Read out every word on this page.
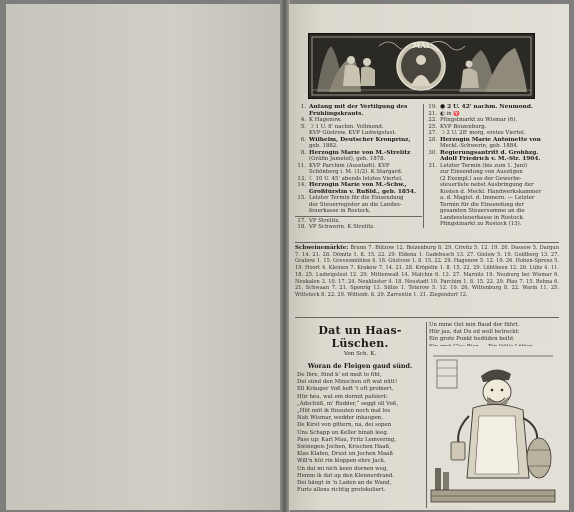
MAI
1. Anfang mit der Vertilgung des
Frühlingskrauts.
4. K Hagenow.
5. ☽ 1 U. 8' nachm. Vollmond.
KVP Güstrow. KVP Ludwigslust.
6. Wilhelm, Deutscher Kronprinz,
geb. 1882.
8. Herzogin Marie von M.-Strelitz
(Gräfin Jametel), geb. 1878.
11. KVP Parchim (Ausstadt). KVP
Schönberg i. M. (1/2). K Stargard.
13. ☾ 10 U. 45' abends letztes Viertel.
14. Herzogin Marie von M.-Schw.,
Großfürstin v. Rußld., geb. 1854.
15. Letzter Termin für die Einsendung
der Steuerregister an die Landes-
feuerkasse in Rostock.
17. VP Strelitz.
18. VP Schwerin. K Strelitz.
19. ● 2 U. 42' nachm. Neumond.
21. ◐ in ♈
22. Pfingstmarkt zu Wismar (6).
25. KVP Boizenburg.
27. ☽ 2 U. 28' morg. erstes Viertel.
28. Herzogin Marie Antoinette von
Meckl.-Schwerin, geb. 1884.
30. Regierungsantritt d. Grohhzg.
Adolf Friedrich v. M.-Str. 1904.
31. Letzter Termin (bis zum 1. Juni)
zur Einsendung von Auszügen
(2 Exempl.) aus der Gewerbe-
steuerliste nebst Ausbringung der
Kosten d. Meckl. Handwerkskammer
a. d. Magist. d. Immern. — Letzter
Termin für die Einsendung der
gesamten Steuersumme an die
Landessteuerkasse in Rostock.
Pfingstmarkt zu Rostock (13).
Schweinemärkte: Brunn 7. Bützow 12. Boizenburg 8. 29. Crivitz 5. 12. 19. 26. Dassow 5. Dargun 7. 14. 21. 28. Dömitz 1. 8. 15. 22. 29. Eldena 1. Gadebusch 13. 27. Gielow 5. 19. Goldberg 13. 27. Grabow 1. 15. Grevesmühlen 4. 18. Güstrow 1. 8. 15. 22. 29. Hagenow 5. 12. 19. 26. Hohen-Sprenz 5. 19. Hoort 4. Kleinen 7. Krakow 7. 14. 21. 28. Kröpelin 1. 8. 15. 22. 29. Lübtheen 12. 26. Lübz 4. 11. 18. 25. Ludwigslust 12. 29. Mittenwalt 14. Malchin 6. 13. 27. Marnitz 19. Neuburg bei Wismar 6. Neukalen 3. 10. 17. 24. Neukloster 4. 18. Neustadt 10. Parchim 1. 8. 15. 22. 29. Plau 7. 15. Rehna 6. 21. Schwaan 7. 21. Sponrig 13. Sülze 1. Teterow 5. 12. 19. 26. Wittenburg 8. 22. Warin 11. 25. Wittstock 8. 22. 29. Wittenb. 8. 29. Zarrentin 1. 21. Ziegendorf 12.
Dat un Haas-Lüschen.
Von Sch. K.
Woran de Fleigen gaud sünd.
De Ihre, fünd k' ed moß to fiht,
Dei sünd den Minschen oft wat nütt!
Ell Kräuger Voß heft 't oft probiert,
Hür heu, wat em dormit pafsiert:
„Adschüß, m' Rudder,“ seggt oll Voß,
„Hüt möt ik füssuten noch mal los
Nah Wismar, wedder inkaupen,
De Kirst von gittern, na, dei sopen
Uns Schapp un Keller binah leeg.
Pass up: Karl Mau, Fritz Lemvering,
Swinegeis Jochen, Krischen Haaß,
Klas Klafen, Drust un Jochen Maaß
Will'n hüt rin kloppen ehre Jack.
Un dat mi nich keen dornen weg,
Hemm ik dat up den Klennerdrand.
Dei hängt in 'n Laden an de Wand,
Furts allens richtig protokoliert.
Un mine Oet min Baud der führt.
Hür jau, dat Du ed woll betreckt:
Ein grote Punkt bedüden beiht
